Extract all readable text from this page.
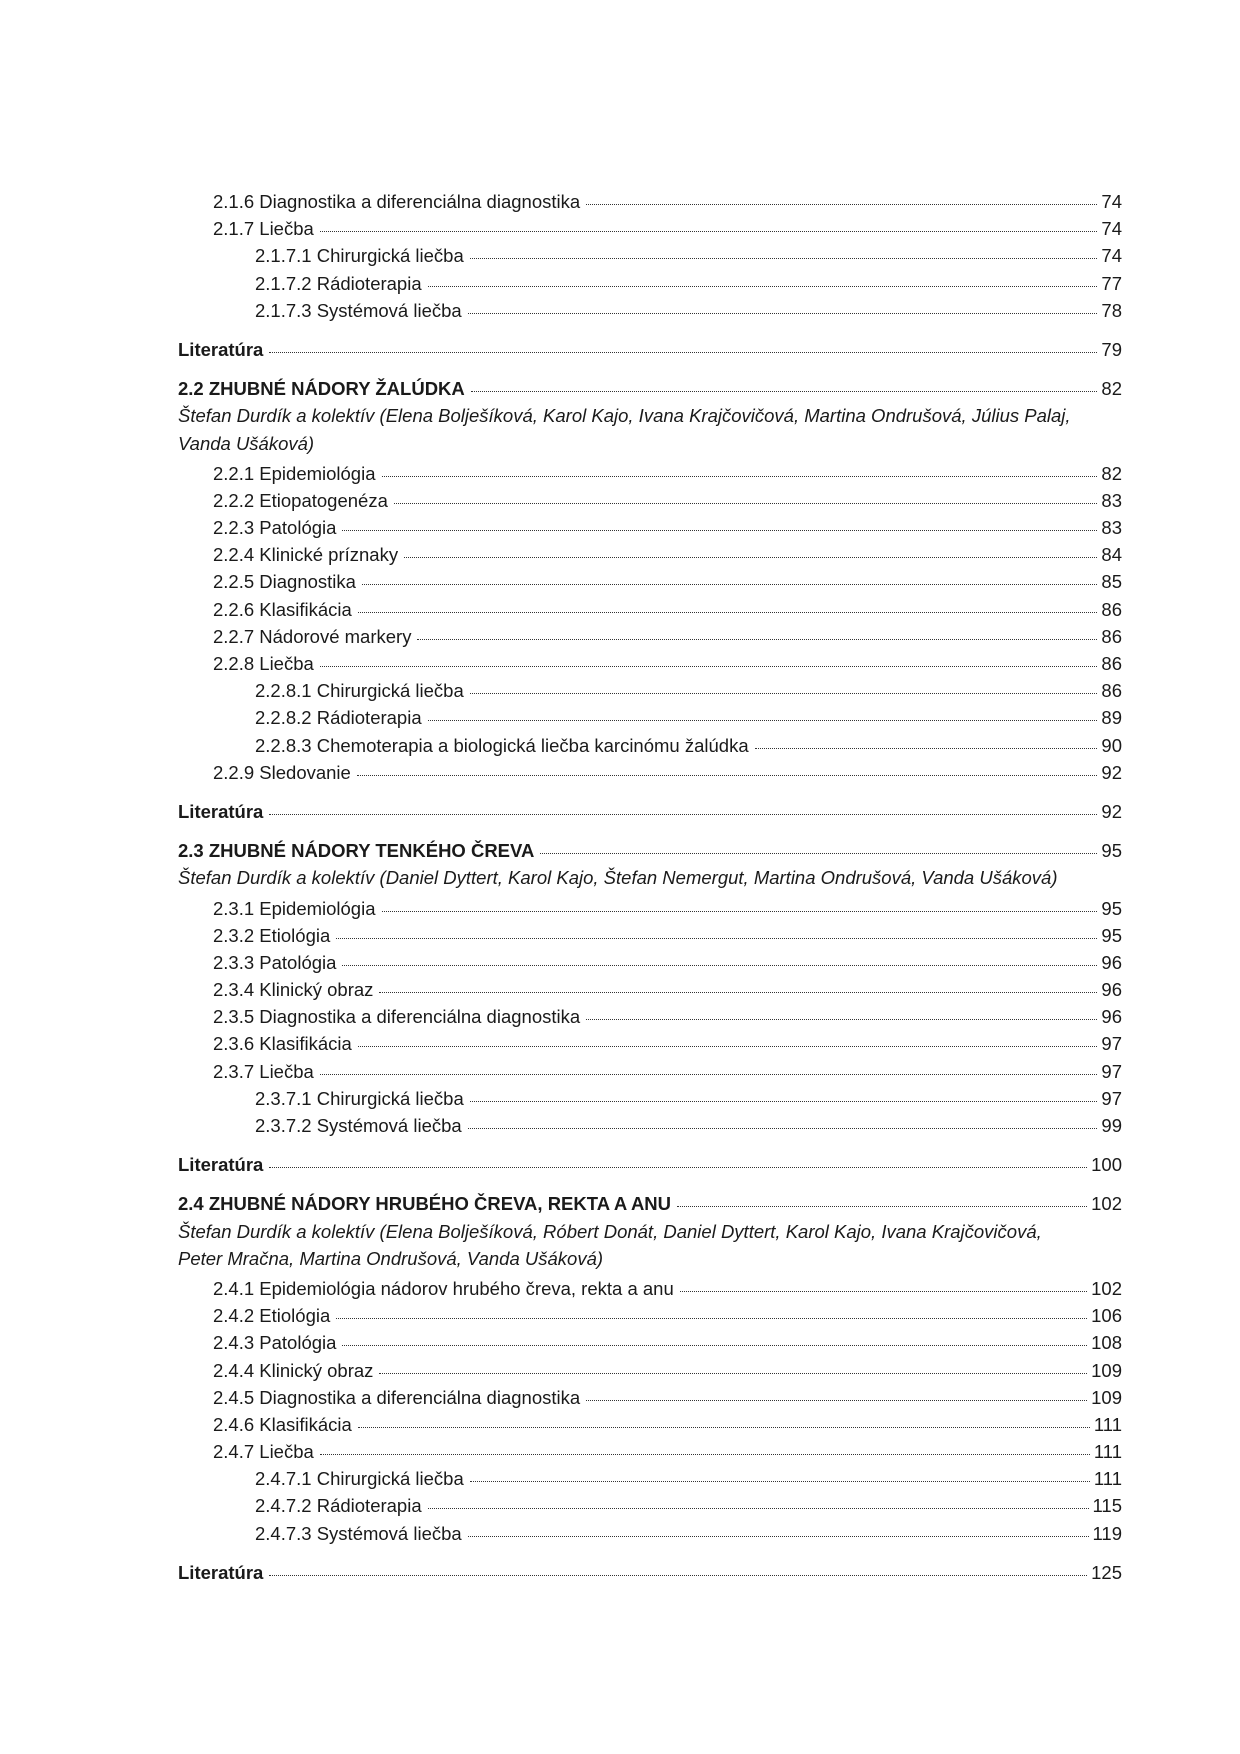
2.1.6 Diagnostika a diferenciálna diagnostika	74
2.1.7 Liečba	74
2.1.7.1 Chirurgická liečba	74
2.1.7.2 Rádioterapia	77
2.1.7.3 Systémová liečba	78
Literatúra	79
2.2 ZHUBNÉ NÁDORY ŽALÚDKA	82
Štefan Durdík a kolektív (Elena Bolješíková, Karol Kajo, Ivana Krajčovičová, Martina Ondrušová, Július Palaj,
Vanda Ušáková)
2.2.1 Epidemiológia	82
2.2.2 Etiopatogenéza	83
2.2.3 Patológia	83
2.2.4 Klinické príznaky	84
2.2.5 Diagnostika	85
2.2.6 Klasifikácia	86
2.2.7 Nádorové markery	86
2.2.8 Liečba	86
2.2.8.1 Chirurgická liečba	86
2.2.8.2 Rádioterapia	89
2.2.8.3 Chemoterapia a biologická liečba karcinómu žalúdka	90
2.2.9 Sledovanie	92
Literatúra	92
2.3 ZHUBNÉ NÁDORY TENKÉHO ČREVA	95
Štefan Durdík a kolektív (Daniel Dyttert, Karol Kajo, Štefan Nemergut, Martina Ondrušová, Vanda Ušáková)
2.3.1 Epidemiológia	95
2.3.2 Etiológia	95
2.3.3 Patológia	96
2.3.4 Klinický obraz	96
2.3.5 Diagnostika a diferenciálna diagnostika	96
2.3.6 Klasifikácia	97
2.3.7 Liečba	97
2.3.7.1 Chirurgická liečba	97
2.3.7.2 Systémová liečba	99
Literatúra	100
2.4 ZHUBNÉ NÁDORY HRUBÉHO ČREVA, REKTA A ANU	102
Štefan Durdík a kolektív (Elena Bolješíková, Róbert Donát, Daniel Dyttert, Karol Kajo, Ivana Krajčovičová,
Peter Mračna, Martina Ondrušová, Vanda Ušáková)
2.4.1 Epidemiológia nádorov hrubého čreva, rekta a anu	102
2.4.2 Etiológia	106
2.4.3 Patológia	108
2.4.4 Klinický obraz	109
2.4.5 Diagnostika a diferenciálna diagnostika	109
2.4.6 Klasifikácia	111
2.4.7 Liečba	111
2.4.7.1 Chirurgická liečba	111
2.4.7.2 Rádioterapia	115
2.4.7.3 Systémová liečba	119
Literatúra	125
